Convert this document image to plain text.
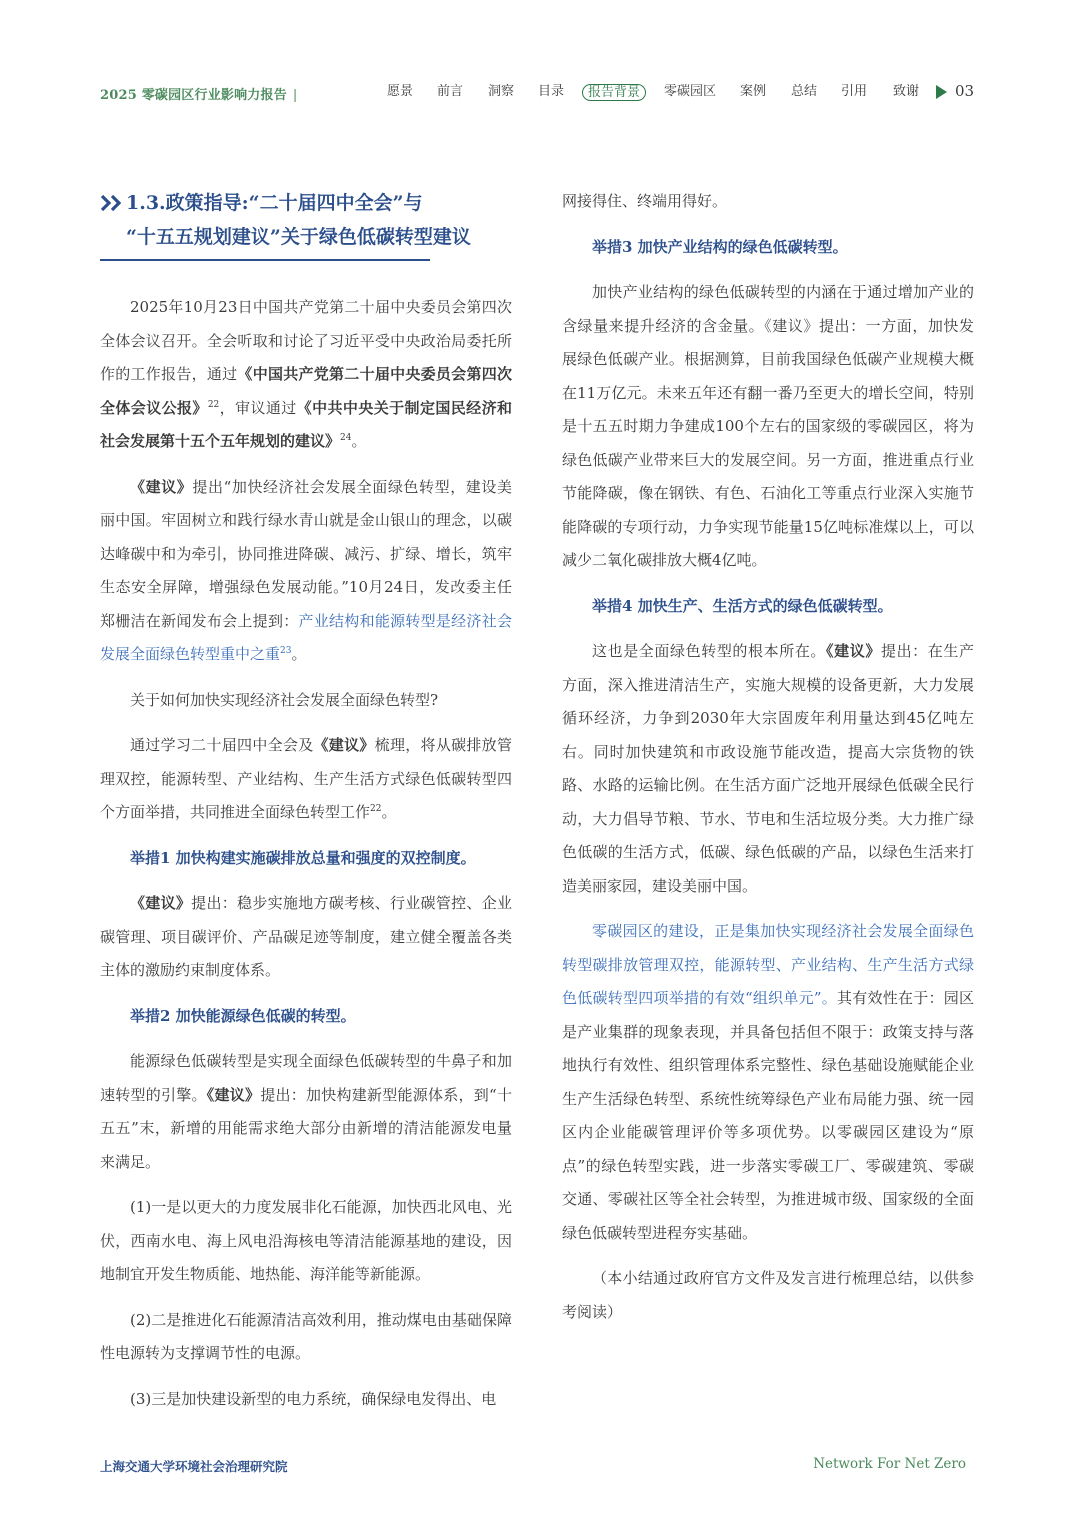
2025 零碳园区行业影响力报告 |	愿景 前言 洞察 目录	报告背景	零碳园区 案例 总结 引用 致谢 03
1.3.政策指导:“二十届四中全会”与
“十五五规划建议”关于绿色低碳转型建议

2025年10月23日中国共产党第二十届中央委员会第四次全体会议召开。全会听取和讨论了习近平受中央政治局委托所作的工作报告，通过《中国共产党第二十届中央委员会第四次全体会议公报》$^{22}$，审议通过《中共中央关于制定国民经济和社会发展第十五个五年规划的建议》$^{24}$。

《建议》提出“加快经济社会发展全面绿色转型，建设美丽中国。牢固树立和践行绿水青山就是金山银山的理念，以碳达峰碳中和为牵引，协同推进降碳、减污、扩绿、增长，筑牢生态安全屏障，增强绿色发展动能。”10月24日，发改委主任郑栅洁在新闻发布会上提到：产业结构和能源转型是经济社会发展全面绿色转型重中之重$^{23}$。

关于如何加快实现经济社会发展全面绿色转型?

通过学习二十届四中全会及《建议》梳理，将从碳排放管理双控，能源转型、产业结构、生产生活方式绿色低碳转型四个方面举措，共同推进全面绿色转型工作$^{22}$。

举措1 加快构建实施碳排放总量和强度的双控制度。

《建议》提出：稳步实施地方碳考核、行业碳管控、企业碳管理、项目碳评价、产品碳足迹等制度，建立健全覆盖各类主体的激励约束制度体系。

举措2 加快能源绿色低碳的转型。

能源绿色低碳转型是实现全面绿色低碳转型的牛鼻子和加速转型的引擎。《建议》提出：加快构建新型能源体系，到“十五五”末，新增的用能需求绝大部分由新增的清洁能源发电量来满足。

(1)一是以更大的力度发展非化石能源，加快西北风电、光伏，西南水电、海上风电沿海核电等清洁能源基地的建设，因地制宜开发生物质能、地热能、海洋能等新能源。

(2)二是推进化石能源清洁高效利用，推动煤电由基础保障性电源转为支撑调节性的电源。

(3)三是加快建设新型的电力系统，确保绿电发得出、电

网接得住、终端用得好。

举措3 加快产业结构的绿色低碳转型。

加快产业结构的绿色低碳转型的内涵在于通过增加产业的含绿量来提升经济的含金量。《建议》提出：一方面，加快发展绿色低碳产业。根据测算，目前我国绿色低碳产业规模大概在11万亿元。未来五年还有翻一番乃至更大的增长空间，特别是十五五时期力争建成100个左右的国家级的零碳园区，将为绿色低碳产业带来巨大的发展空间。另一方面，推进重点行业节能降碳，像在钢铁、有色、石油化工等重点行业深入实施节能降碳的专项行动，力争实现节能量15亿吨标准煤以上，可以减少二氧化碳排放大概4亿吨。

举措4 加快生产、生活方式的绿色低碳转型。

这也是全面绿色转型的根本所在。《建议》提出：在生产方面，深入推进清洁生产，实施大规模的设备更新，大力发展循环经济，力争到2030年大宗固废年利用量达到45亿吨左右。同时加快建筑和市政设施节能改造，提高大宗货物的铁路、水路的运输比例。在生活方面广泛地开展绿色低碳全民行动，大力倡导节粮、节水、节电和生活垃圾分类。大力推广绿色低碳的生活方式，低碳、绿色低碳的产品，以绿色生活来打造美丽家园，建设美丽中国。

零碳园区的建设，正是集加快实现经济社会发展全面绿色转型碳排放管理双控，能源转型、产业结构、生产生活方式绿色低碳转型四项举措的有效“组织单元”。其有效性在于：园区是产业集群的现象表现，并具备包括但不限于：政策支持与落地执行有效性、组织管理体系完整性、绿色基础设施赋能企业生产生活绿色转型、系统性统筹绿色产业布局能力强、统一园区内企业能碳管理评价等多项优势。以零碳园区建设为“原点”的绿色转型实践，进一步落实零碳工厂、零碳建筑、零碳交通、零碳社区等全社会转型，为推进城市级、国家级的全面绿色低碳转型进程夯实基础。

（本小结通过政府官方文件及发言进行梳理总结，以供参考阅读）

上海交通大学环境社会治理研究院	Network For Net Zero
